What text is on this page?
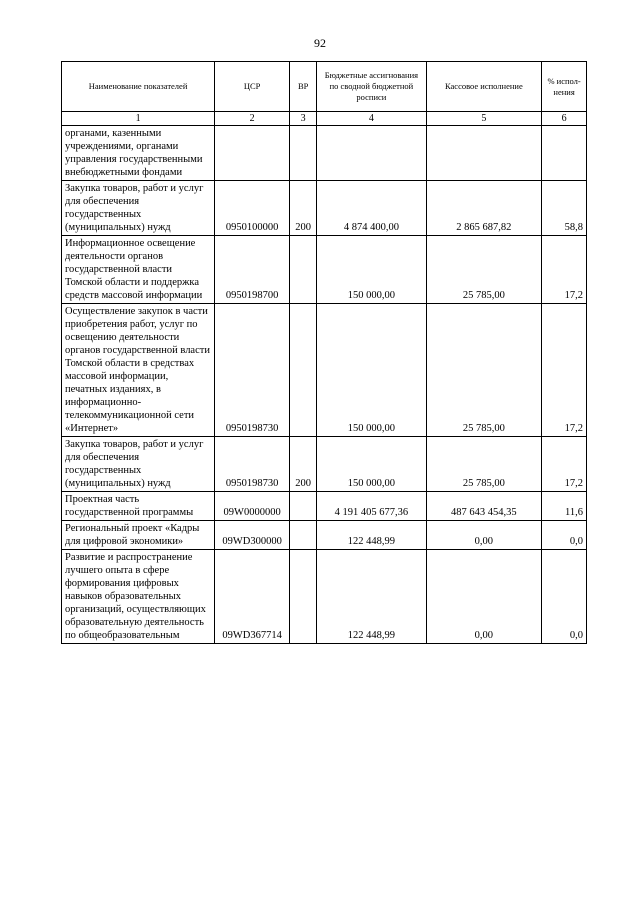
92
Наименование показателей	ЦСР	ВР	Бюджетные ассигнования по сводной бюджетной росписи	Кассовое исполнение	% испол-нения
1	2	3	4	5	6
органами, казенными учреждениями, органами управления государственными внебюджетными фондами					
Закупка товаров, работ и услуг для обеспечения государственных (муниципальных) нужд	0950100000	200	4 874 400,00	2 865 687,82	58,8
Информационное освещение деятельности органов государственной власти Томской области и поддержка средств массовой информации	0950198700		150 000,00	25 785,00	17,2
Осуществление закупок в части приобретения работ, услуг по освещению деятельности органов государственной власти Томской области в средствах массовой информации, печатных изданиях, в информационно-телекоммуникационной сети «Интернет»	0950198730		150 000,00	25 785,00	17,2
Закупка товаров, работ и услуг для обеспечения государственных (муниципальных) нужд	0950198730	200	150 000,00	25 785,00	17,2
Проектная часть государственной программы	09W0000000		4 191 405 677,36	487 643 454,35	11,6
Региональный проект «Кадры для цифровой экономики»	09WD300000		122 448,99	0,00	0,0
Развитие и распространение лучшего опыта в сфере формирования цифровых навыков образовательных организаций, осуществляющих образовательную деятельность по общеобразовательным	09WD367714		122 448,99	0,00	0,0
